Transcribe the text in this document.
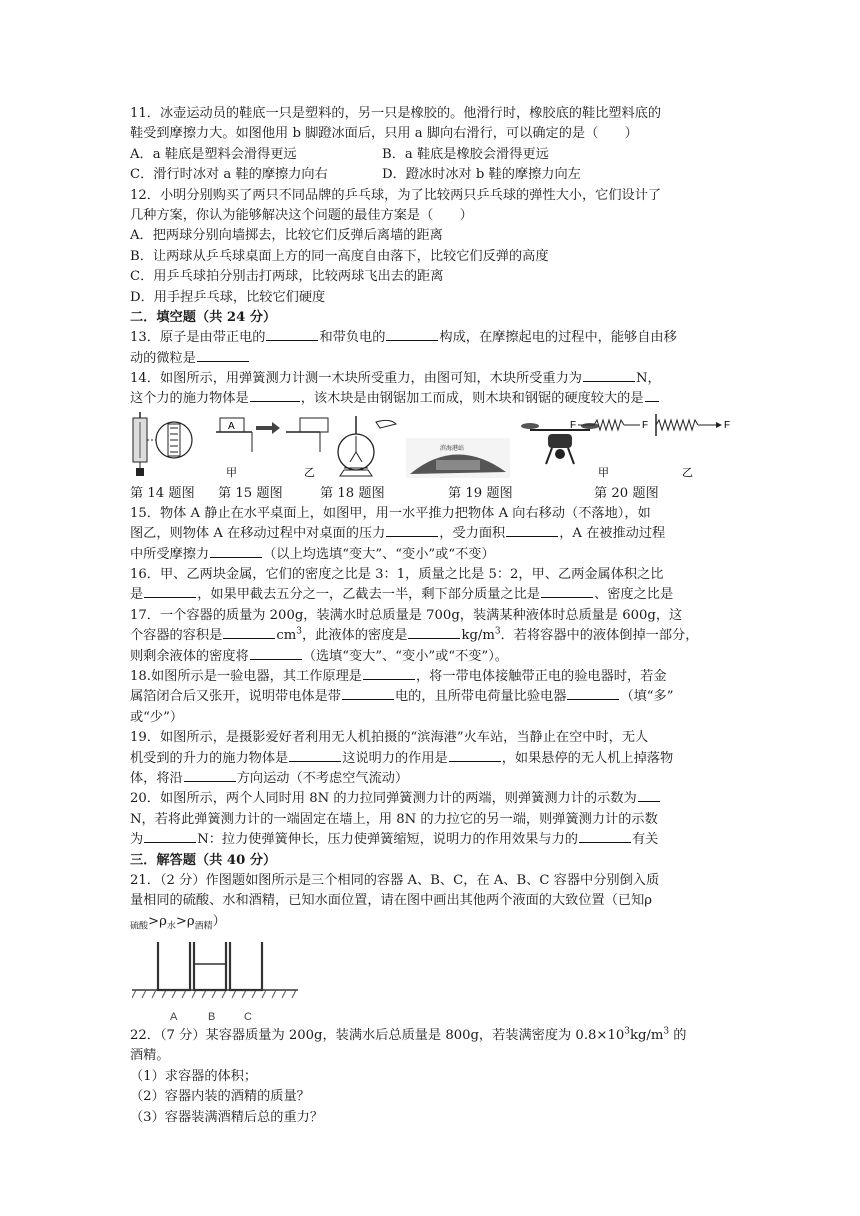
11．冰壶运动员的鞋底一只是塑料的，另一只是橡胶的。他滑行时，橡胶底的鞋比塑料底的
鞋受到摩擦力大。如图他用 b 脚蹬冰面后，只用 a 脚向右滑行，可以确定的是（　　）
A．a 鞋底是塑料会滑得更远	B．a 鞋底是橡胶会滑得更远
C．滑行时冰对 a 鞋的摩擦力向右	D．蹬冰时冰对 b 鞋的摩擦力向左
12．小明分别购买了两只不同品牌的乒乓球，为了比较两只乒乓球的弹性大小，它们设计了
几种方案，你认为能够解决这个问题的最佳方案是（　　）
A．把两球分别向墙掷去，比较它们反弹后离墙的距离
B．让两球从乒乓球桌面上方的同一高度自由落下，比较它们反弹的高度
C．用乒乓球拍分别击打两球，比较两球飞出去的距离
D．用手捏乒乓球，比较它们硬度
二．填空题（共 24 分）
13．原子是由带正电的	和带负电的	构成，在摩擦起电的过程中，能够自由移
动的微粒是
14．如图所示，用弹簧测力计测一木块所受重力，由图可知，木块所受重力为	N，
这个力的施力物体是	，该木块是由钢锯加工而成，则木块和钢锯的硬度较大的是
A
甲	乙
滨海港站
F	F	F
甲	乙
第 14 题图 第 15 题图	第 18 题图	第 19 题图	第 20 题图
15．物体 A 静止在水平桌面上，如图甲，用一水平推力把物体 A 向右移动（不落地），如
图乙，则物体 A 在移动过程中对桌面的压力	，受力面积	，A 在被推动过程
中所受摩擦力	（以上均选填“变大”、“变小”或“不变）
16．甲、乙两块金属，它们的密度之比是 3：1，质量之比是 5：2，甲、乙两金属体积之比
是	，如果甲截去五分之一，乙截去一半，剩下部分质量之比是	、密度之比是
17．一个容器的质量为 200g，装满水时总质量是 700g，装满某种液体时总质量是 600g，这
个容器的容积是	$cm^3$，此液体的密度是	$kg/m^3$．若将容器中的液体倒掉一部分，
则剩余液体的密度将	（选填“变大”、“变小”或“不变”）。
18.如图所示是一验电器，其工作原理是	，将一带电体接触带正电的验电器时，若金
属箔闭合后又张开，说明带电体是带	电的，且所带电荷量比验电器	（填“多”
或“少”）
19．如图所示，是摄影爱好者利用无人机拍摄的“滨海港”火车站，当静止在空中时，无人
机受到的升力的施力物体是	这说明力的作用是	，如果悬停的无人机上掉落物
体，将沿	方向运动（不考虑空气流动）
20．如图所示，两个人同时用 8N 的力拉同弹簧测力计的两端，则弹簧测力计的示数为
N，若将此弹簧测力计的一端固定在墙上，用 8N 的力拉它的另一端，则弹簧测力计的示数
为	N：拉力使弹簧伸长，压力使弹簧缩短，说明力的作用效果与力的	有关
三．解答题（共 40 分）
21．（2 分）作图题如图所示是三个相同的容器 A、B、C，在 A、B、C 容器中分别倒入质
量相同的硫酸、水和酒精，已知水面位置，请在图中画出其他两个液面的大致位置（已知ρ
$_{硫酸}>\rho_水>\rho_{酒精}$）
A	B	C
22．（7 分）某容器质量为 200g，装满水后总质量是 800g，若装满密度为 $0.8\times 10^3kg/m^3$ 的
酒精。
（1）求容器的体积；
（2）容器内装的酒精的质量？
（3）容器装满酒精后总的重力？
